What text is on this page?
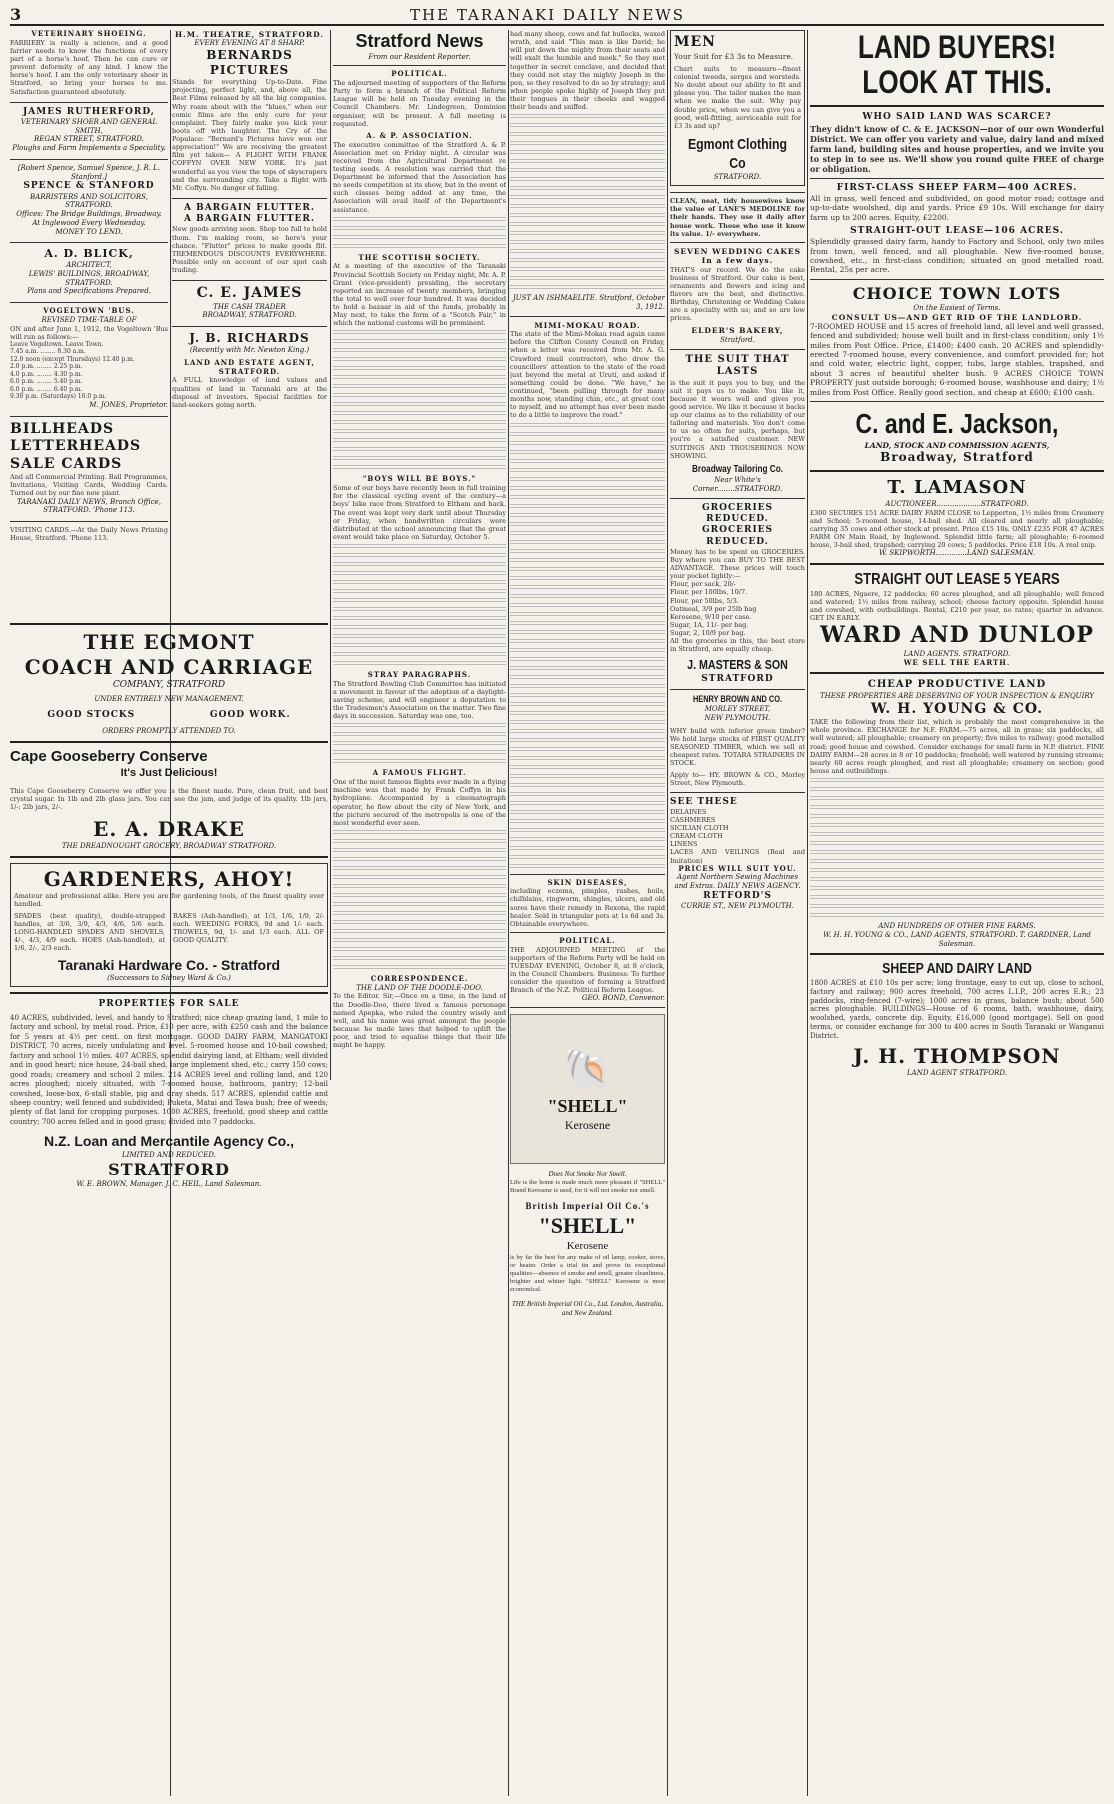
3	THE TARANAKI DAILY NEWS
VETERINARY SHOEING.
FARRIERY is really a science, and a good farrier needs to know the functions of every part of a horse's hoof. Then he can cure or prevent deformity of any kind. I know the horse's hoof. I am the only veterinary shoer in Stratford, so bring your horses to me. Satisfaction guaranteed absolutely.
JAMES RUTHERFORD,
VETERINARY SHOER AND GENERAL SMITH,
REGAN STREET, STRATFORD.
Ploughs and Farm Implements a Speciality.
[Robert Spence, Samuel Spence, J. R. L. Stanford.]
SPENCE & STANFORD
BARRISTERS AND SOLICITORS, STRATFORD.
Offices: The Bridge Buildings, Broadway.
At Inglewood Every Wednesday.
MONEY TO LEND.
A. D. BLICK,
ARCHITECT,
LEWIS' BUILDINGS, BROADWAY, STRATFORD.
Plans and Specifications Prepared.
VOGELTOWN 'BUS.
REVISED TIME-TABLE OF
ON and after June 1, 1912, the Vogeltown 'Bus will run as follows:—
Leave Vogeltown. Leave Town.
7.45 a.m. ........ 8.30 a.m.
12.0 noon (except Thursdays) 12.40 p.m.
2.0 p.m. ........ 2.25 p.m.
4.0 p.m. ........ 4.30 p.m.
6.0 p.m. ........ 5.40 p.m.
6.0 p.m. ........ 6.40 p.m.
9.30 p.m. (Saturdays) 10.0 p.m.
M. JONES, Proprietor.
BILLHEADS
LETTERHEADS
SALE CARDS
And all Commercial Printing. Ball Programmes, Invitations, Visiting Cards, Wedding Cards. Turned out by our fine new plant.
TARANAKI DAILY NEWS, Branch Office, STRATFORD. 'Phone 113.
VISITING CARDS.—At the Daily News Printing House, Stratford. 'Phone 113.
H.M. THEATRE, STRATFORD.
EVERY EVENING AT 8 SHARP.
BERNARDS PICTURES
Stands for everything Up-to-Date. Fine projecting, perfect light, and, above all, the Best Films released by all the big companies. Why roam about with the "blues," when our comic films are the only cure for your complaint. They fairly make you kick your boots off with laughter. The Cry of the Populace: "Bernard's Pictures have won our appreciation!" We are receiving the greatest film yet taken— A FLIGHT WITH FRANK COFFYN OVER NEW YORK. It's just wonderful as you view the tops of skyscrapers and the surrounding city. Take a flight with Mr. Coffyn. No danger of falling.
A BARGAIN FLUTTER.
A BARGAIN FLUTTER.
New goods arriving soon. Shop too full to hold them. I'm making room, so here's your chance. "Flutter" prices to make goods flit. TREMENDOUS DISCOUNTS EVERYWHERE. Possible only on account of our spot cash trading.
C. E. JAMES
THE CASH TRADER
BROADWAY, STRATFORD.
J. B. RICHARDS
(Recently with Mr. Newton King.)
LAND AND ESTATE AGENT, STRATFORD.
A FULL knowledge of land values and qualities of land in Taranaki are at the disposal of investors. Special facilities for land-seekers going north.
THE EGMONT
COACH AND CARRIAGE
COMPANY, STRATFORD
UNDER ENTIRELY NEW MANAGEMENT.
GOOD STOCKS	GOOD WORK.
ORDERS PROMPTLY ATTENDED TO.
Cape Gooseberry Conserve
It's Just Delicious!
This Cape Gooseberry Conserve we offer you is the finest made. Pure, clean fruit, and best crystal sugar. In 1lb and 2lb glass jars. You can see the jam, and judge of its quality. 1lb jars, 1/-; 2lb jars, 2/-.
E. A. DRAKE
THE DREADNOUGHT GROCERY, BROADWAY STRATFORD.
GARDENERS, AHOY!
Amateur and professional alike. Here you are for gardening tools, of the finest quality ever handled.
SPADES (best quality), double-strapped handles, at 3/6, 3/9, 4/3, 4/6, 5/6 each. LONG-HANDLED SPADES AND SHOVELS, 4/-, 4/3, 4/9 each. HOES (Ash-handled), at 1/6, 2/-, 2/3 each.
RAKES (Ash-handled), at 1/3, 1/6, 1/9, 2/- each. WEEDING FORKS, 9d and 1/- each. TROWELS, 9d, 1/- and 1/3 each. ALL OF GOOD QUALITY.
Taranaki Hardware Co. - Stratford
(Successors to Sidney Ward & Co.)
PROPERTIES FOR SALE
40 ACRES, subdivided, level, and handy to Stratford; nice cheap grazing land, 1 mile to factory and school, by metal road. Price, £10 per acre, with £250 cash and the balance for 5 years at 4½ per cent. on first mortgage. GOOD DAIRY FARM, MANGATOKI DISTRICT, 70 acres, nicely undulating and level. 5-roomed house and 10-bail cowshed; factory and school 1½ miles. 407 ACRES, splendid dairying land, at Eltham; well divided and in good heart; nice house, 24-bail shed, large implement shed, etc.; carry 150 cows; good roads; creamery and school 2 miles. 214 ACRES level and rolling land, and 120 acres ploughed; nicely situated, with 7-roomed house, bathroom, pantry; 12-bail cowshed, loose-box, 6-stall stable, pig and dray sheds. 517 ACRES, splendid cattle and sheep country; well fenced and subdivided; Puketa, Matai and Tawa bush; free of weeds; plenty of flat land for cropping purposes. 1000 ACRES, freehold, good sheep and cattle country; 700 acres felled and in good grass; divided into 7 paddocks.
N.Z. Loan and Mercantile Agency Co.,
LIMITED AND REDUCED.
STRATFORD
W. E. BROWN, Manager. J. C. HEIL, Land Salesman.
Stratford News
From our Resident Reporter.
POLITICAL.
The adjourned meeting of supporters of the Reform Party to form a branch of the Political Reform League will be held on Tuesday evening in the Council Chambers. Mr. Lindegreen, Dominion organiser, will be present. A full meeting is requested.
A. & P. ASSOCIATION.
The executive committee of the Stratford A. & P. Association met on Friday night. A circular was received from the Agricultural Department re testing seeds. A resolution was carried that the Department be informed that the Association has no seeds competition at its show, but in the event of such classes being added at any time, the Association will avail itself of the Department's assistance.
THE SCOTTISH SOCIETY.
At a meeting of the executive of the Taranaki Provincial Scottish Society on Friday night, Mr. A. P. Grant (vice-president) presiding, the secretary reported an increase of twenty members, bringing the total to well over four hundred. It was decided to hold a bazaar in aid of the funds, probably in May next, to take the form of a "Scotch Fair," in which the national customs will be prominent.
"BOYS WILL BE BOYS."
Some of our boys have recently been in full training for the classical cycling event of the century—a boys' bike race from Stratford to Eltham and back. The event was kept very dark until about Thursday or Friday, when handwritten circulars were distributed at the school announcing that the great event would take place on Saturday, October 5.
STRAY PARAGRAPHS.
The Stratford Bowling Club Committee has initiated a movement in favour of the adoption of a daylight-saving scheme, and will engineer a deputation to the Tradesmen's Association on the matter. Two fine days in succession. Saturday was one, too.
A FAMOUS FLIGHT.
One of the most famous flights ever made in a flying machine was that made by Frank Coffyn in his hydroplane. Accompanied by a cinematograph operator, he flew about the city of New York, and the picture secured of the metropolis is one of the most wonderful ever seen.
CORRESPONDENCE.
THE LAND OF THE DOODLE-DOO.
To the Editor. Sir,—Once on a time, in the land of the Doodle-Doo, there lived a famous personage named Apepka, who ruled the country wisely and well, and his name was great amongst the people because he made laws that helped to uplift the poor, and tried to equalise things that their life might be happy.
had many sheep, cows and fat bullocks, waxed wrath, and said "This man is like David; he will put down the mighty from their seats and will exalt the humble and meek." So they met together in secret conclave, and decided that they could not stay the mighty Joseph in the pen, so they resolved to do so by strategy; and when people spoke highly of Joseph they put their tongues in their cheeks and wagged their heads and sniffed.
JUST AN ISHMAELITE. Stratford, October 3, 1912.
MIMI-MOKAU ROAD.
The state of the Mimi-Mokau road again came before the Clifton County Council on Friday, when a letter was received from Mr. A. G. Crawford (mail contractor), who drew the councillors' attention to the state of the road just beyond the metal at Urutí, and asked if something could be done. "We have," he continued, "been pulling through for many months now, standing chin, etc., at great cost to myself, and no attempt has ever been made to do a little to improve the road."
SKIN DISEASES,
including eczema, pimples, rashes, boils, chilblains, ringworm, shingles, ulcers, and old sores have their remedy in Rexona, the rapid healer. Sold in triangular pots at 1s 6d and 3s. Obtainable everywhere.
POLITICAL.
THE ADJOURNED MEETING of the supporters of the Reform Party will be held on TUESDAY EVENING, October 8, at 8 o'clock, in the Council Chambers. Business: To further consider the question of forming a Stratford Branch of the N.Z. Political Reform League.
GEO. BOND, Convenor.
🐚
"SHELL"
Kerosene
Does Not Smoke Nor Smell.
Life is the home is made much more pleasant if "SHELL" Brand Kerosene is used, for it will not smoke nor smell.
British Imperial Oil Co.'s
"SHELL"
Kerosene
is by far the best for any make of oil lamp, cooker, stove, or heater. Order a trial tin and prove its exceptional qualities—absence of smoke and smell, greater cleanliness, brighter and whiter light. "SHELL" Kerosene is most economical.
THE British Imperial Oil Co., Ltd. London, Australia, and New Zealand.
MEN
Your Suit for £3 3s to Measure.
Chart suits to measure—finest colonial tweeds, serges and worsteds. No doubt about our ability to fit and please you. The tailor makes the man when we make the suit. Why pay double price, when we can give you a good, well-fitting, serviceable suit for £3 3s and up?
Egmont Clothing Co
STRATFORD.
CLEAN, neat, tidy housewives know the value of LANE'S MEDOLINE for their hands. They use it daily after house work. Those who use it know its value. 1/- everywhere.
SEVEN WEDDING CAKES In a few days.
THAT'S our record. We do the cake business of Stratford. Our cake is best, ornaments and flowers and icing and flavors are the best, and distinctive. Birthday, Christening or Wedding Cakes are a specialty with us; and so are low prices.
ELDER'S BAKERY,
Stratford.
THE SUIT THAT LASTS
is the suit it pays you to buy, and the suit it pays us to make. You like it, because it wears well and gives you good service. We like it because it backs up our claims as to the reliability of our tailoring and materials. You don't come to us so often for suits, perhaps, but you're a satisfied customer. NEW SUITINGS AND TROUSERINGS NOW SHOWING.
Broadway Tailoring Co.
Near White's Corner........STRATFORD.
GROCERIES REDUCED.
GROCERIES REDUCED.
Money has to be spent on GROCERIES. Buy where you can BUY TO THE BEST ADVANTAGE. These prices will touch your pocket lightly:—
Flour, per sack, 20/-
Flour, per 100lbs, 10/7.
Flour, per 50lbs, 5/3.
Oatmeal, 3/9 per 25lb bag
Kerosene, 9/10 per case.
Sugar, 1A, 11/- per bag.
Sugar, 2, 10/9 per bag.
All the groceries in this, the best store in Stratford, are equally cheap.
J. MASTERS & SON
STRATFORD
HENRY BROWN AND CO.
MORLEY STREET,
NEW PLYMOUTH.
WHY build with inferior green timber? We hold large stocks of FIRST QUALITY SEASONED TIMBER, which we sell at cheapest rates. TOTARA STRAINERS IN STOCK.
Apply to— HY. BROWN & CO., Morley Street, New Plymouth.
SEE THESE
DELAINES
CASHMERES
SICILIAN CLOTH
CREAM CLOTH
LINENS
LACES AND VEILINGS (Real and Imitation)
PRICES WILL SUIT YOU.
Agent Northern Sewing Machines and Extras. DAILY NEWS AGENCY.
RETFORD'S
CURRIE ST., NEW PLYMOUTH.
LAND BUYERS!
LOOK AT THIS.
WHO SAID LAND WAS SCARCE?
They didn't know of C. & E. JACKSON—nor of our own Wonderful District. We can offer you variety and value, dairy land and mixed farm land, building sites and house properties, and we invite you to step in to see us. We'll show you round quite FREE of charge or obligation.
FIRST-CLASS SHEEP FARM—400 ACRES.
All in grass, well fenced and subdivided, on good motor road; cottage and up-to-date woolshed, dip and yards. Price £9 10s. Will exchange for dairy farm up to 200 acres. Equity, £2200.
STRAIGHT-OUT LEASE—106 ACRES.
Splendidly grassed dairy farm, handy to Factory and School, only two miles from town, well fenced, and all ploughable. New five-roomed house, cowshed, etc., in first-class condition; situated on good metalled road. Rental, 25s per acre.
CHOICE TOWN LOTS
On the Easiest of Terms.
CONSULT US—AND GET RID OF THE LANDLORD.
7-ROOMED HOUSE and 15 acres of freehold land, all level and well grassed, fenced and subdivided; house well built and in first-class condition; only 1½ miles from Post Office. Price, £1400; £400 cash. 20 ACRES and splendidly-erected 7-roomed house, every convenience, and comfort provided for; hot and cold water, electric light, copper, tubs, large stables, trapshed, and about 3 acres of beautiful shelter bush. 9 ACRES CHOICE TOWN PROPERTY just outside borough; 6-roomed house, washhouse and dairy; 1½ miles from Post Office. Really good section, and cheap at £600; £100 cash.
C. and E. Jackson,
LAND, STOCK AND COMMISSION AGENTS,
Broadway, Stratford
T. LAMASON
AUCTIONEER....................STRATFORD.
£300 SECURES 151 ACRE DAIRY FARM CLOSE to Lepperton, 1½ miles from Creamery and School; 5-roomed house, 14-bail shed. All cleared and nearly all ploughable; carrying 35 cows and other stock at present. Price £15 10s. ONLY £235 FOR 47 ACRES FARM ON Main Road, by Inglewood. Splendid little farm; all ploughable; 6-roomed house, 3-bail shed, trapshed; carrying 20 cows; 5 paddocks. Price £18 10s. A real snip.
W. SKIPWORTH..............LAND SALESMAN.
STRAIGHT OUT LEASE 5 YEARS
180 ACRES, Ngaere, 12 paddocks; 60 acres ploughed, and all ploughable; well fenced and watered; 1½ miles from railway, school; cheese factory opposite. Splendid house and cowshed, with outbuildings. Rental, £210 per year, no rates; quarter in advance. GET IN EARLY.
WARD AND DUNLOP
LAND AGENTS. STRATFORD.
WE SELL THE EARTH.
CHEAP PRODUCTIVE LAND
THESE PROPERTIES ARE DESERVING OF YOUR INSPECTION & ENQUIRY
W. H. YOUNG & CO.
TAKE the following from their list, which is probably the most comprehensive in the whole province. EXCHANGE for N.F. FARM.—75 acres, all in grass; six paddocks, all well watered; all ploughable; creamery on property; five miles to railway; good metalled road; good house and cowshed. Consider exchange for small farm in N.P. district. FINE DAIRY FARM—28 acres in 8 or 10 paddocks; freehold; well watered by running streams; nearly 60 acres rough ploughed, and rest all ploughable; creamery on section; good house and outbuildings.
AND HUNDREDS OF OTHER FINE FARMS.
W. H. H. YOUNG & CO., LAND AGENTS, STRATFORD. T. GARDINER, Land Salesman.
SHEEP AND DAIRY LAND
1800 ACRES at £10 10s per acre; long frontage, easy to cut up, close to school, factory and railway; 900 acres freehold, 700 acres L.I.P., 200 acres E.R.; 23 paddocks, ring-fenced (7-wire); 1000 acres in grass, balance bush; about 500 acres ploughable. BUILDINGS—House of 6 rooms, bath, washhouse, dairy, woolshed, yards, concrete dip. Equity, £16,000 (good mortgage). Sell on good terms, or consider exchange for 300 to 400 acres in South Taranaki or Wanganui District.
J. H. THOMPSON
LAND AGENT STRATFORD.
